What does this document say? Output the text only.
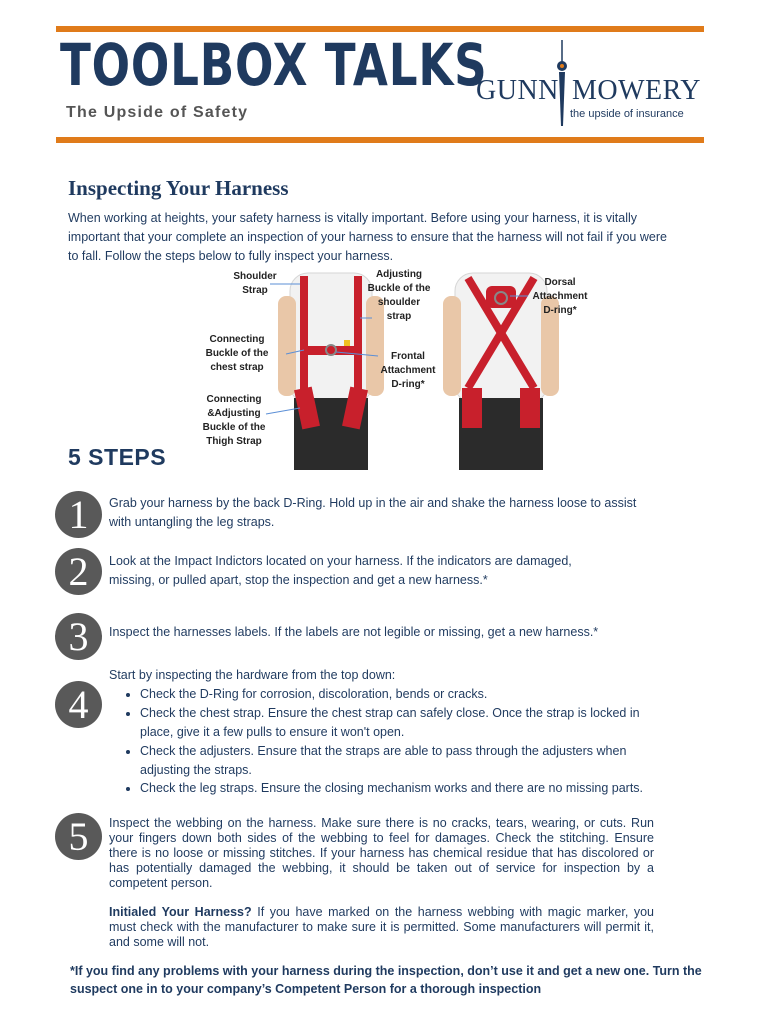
TOOLBOX TALKS
The Upside of Safety
GUNN MOWERY
the upside of insurance
Inspecting Your Harness

When working at heights, your safety harness is vitally important. Before using your harness, it is vitally important that your complete an inspection of your harness to ensure that the harness will not fail if you were to fall. Follow the steps below to fully inspect your harness.

Shoulder Strap
Adjusting Buckle of the shoulder strap
Dorsal Attachment D-ring*
Connecting Buckle of the chest strap
Frontal Attachment D-ring*
Connecting &Adjusting Buckle of the Thigh Strap
5 STEPS
1	Grab your harness by the back D-Ring. Hold up in the air and shake the harness loose to assist with untangling the leg straps.
2	Look at the Impact Indictors located on your harness. If the indicators are damaged, missing, or pulled apart, stop the inspection and get a new harness.*
3	Inspect the harnesses labels. If the labels are not legible or missing, get a new harness.*
4
Start by inspecting the hardware from the top down:
• Check the D-Ring for corrosion, discoloration, bends or cracks.
• Check the chest strap. Ensure the chest strap can safely close. Once the strap is locked in place, give it a few pulls to ensure it won't open.
• Check the adjusters. Ensure that the straps are able to pass through the adjusters when adjusting the straps.
• Check the leg straps. Ensure the closing mechanism works and there are no missing parts.
5	Inspect the webbing on the harness. Make sure there is no cracks, tears, wearing, or cuts. Run your fingers down both sides of the webbing to feel for damages. Check the stitching. Ensure there is no loose or missing stitches. If your harness has chemical residue that has discolored or has potentially damaged the webbing, it should be taken out of service for inspection by a competent person.
Initialed Your Harness? If you have marked on the harness webbing with magic marker, you must check with the manufacturer to make sure it is permitted. Some manufacturers will permit it, and some will not.
*If you find any problems with your harness during the inspection, don’t use it and get a new one. Turn the suspect one in to your company’s Competent Person for a thorough inspection
